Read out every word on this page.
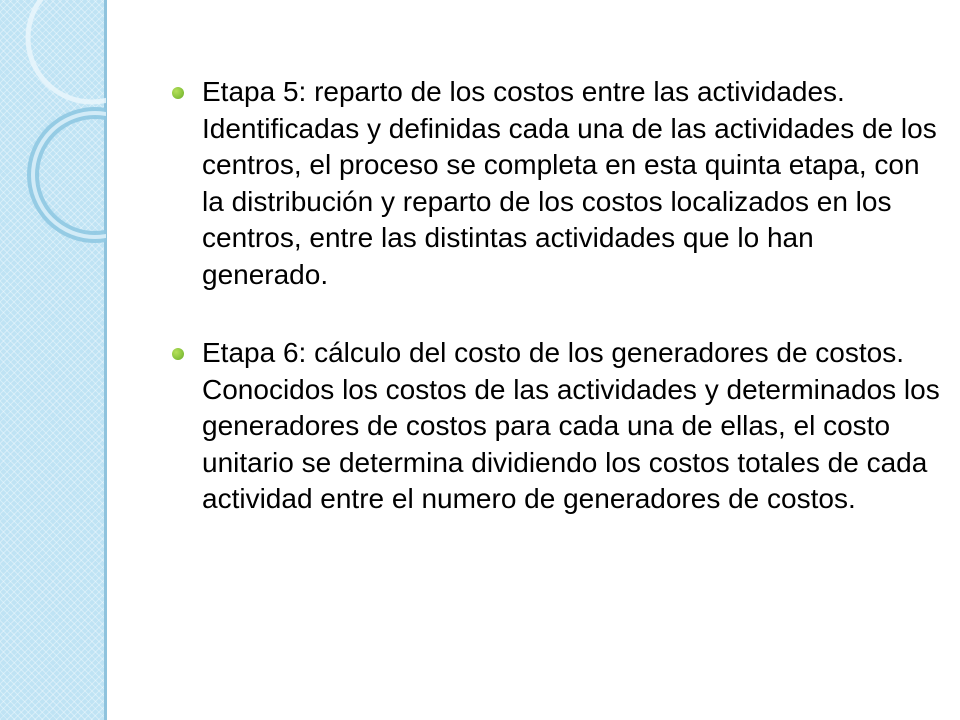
Etapa 5: reparto de los costos entre las actividades. Identificadas y definidas cada una de las actividades de los centros, el proceso se completa en esta quinta etapa, con la distribución y reparto de los costos localizados en los centros, entre las distintas actividades que lo han generado.
Etapa 6: cálculo del costo de los generadores de costos. Conocidos los costos de las actividades y determinados los generadores de costos para cada una de ellas, el costo unitario se determina dividiendo los costos totales de cada actividad entre el numero de generadores de costos.
